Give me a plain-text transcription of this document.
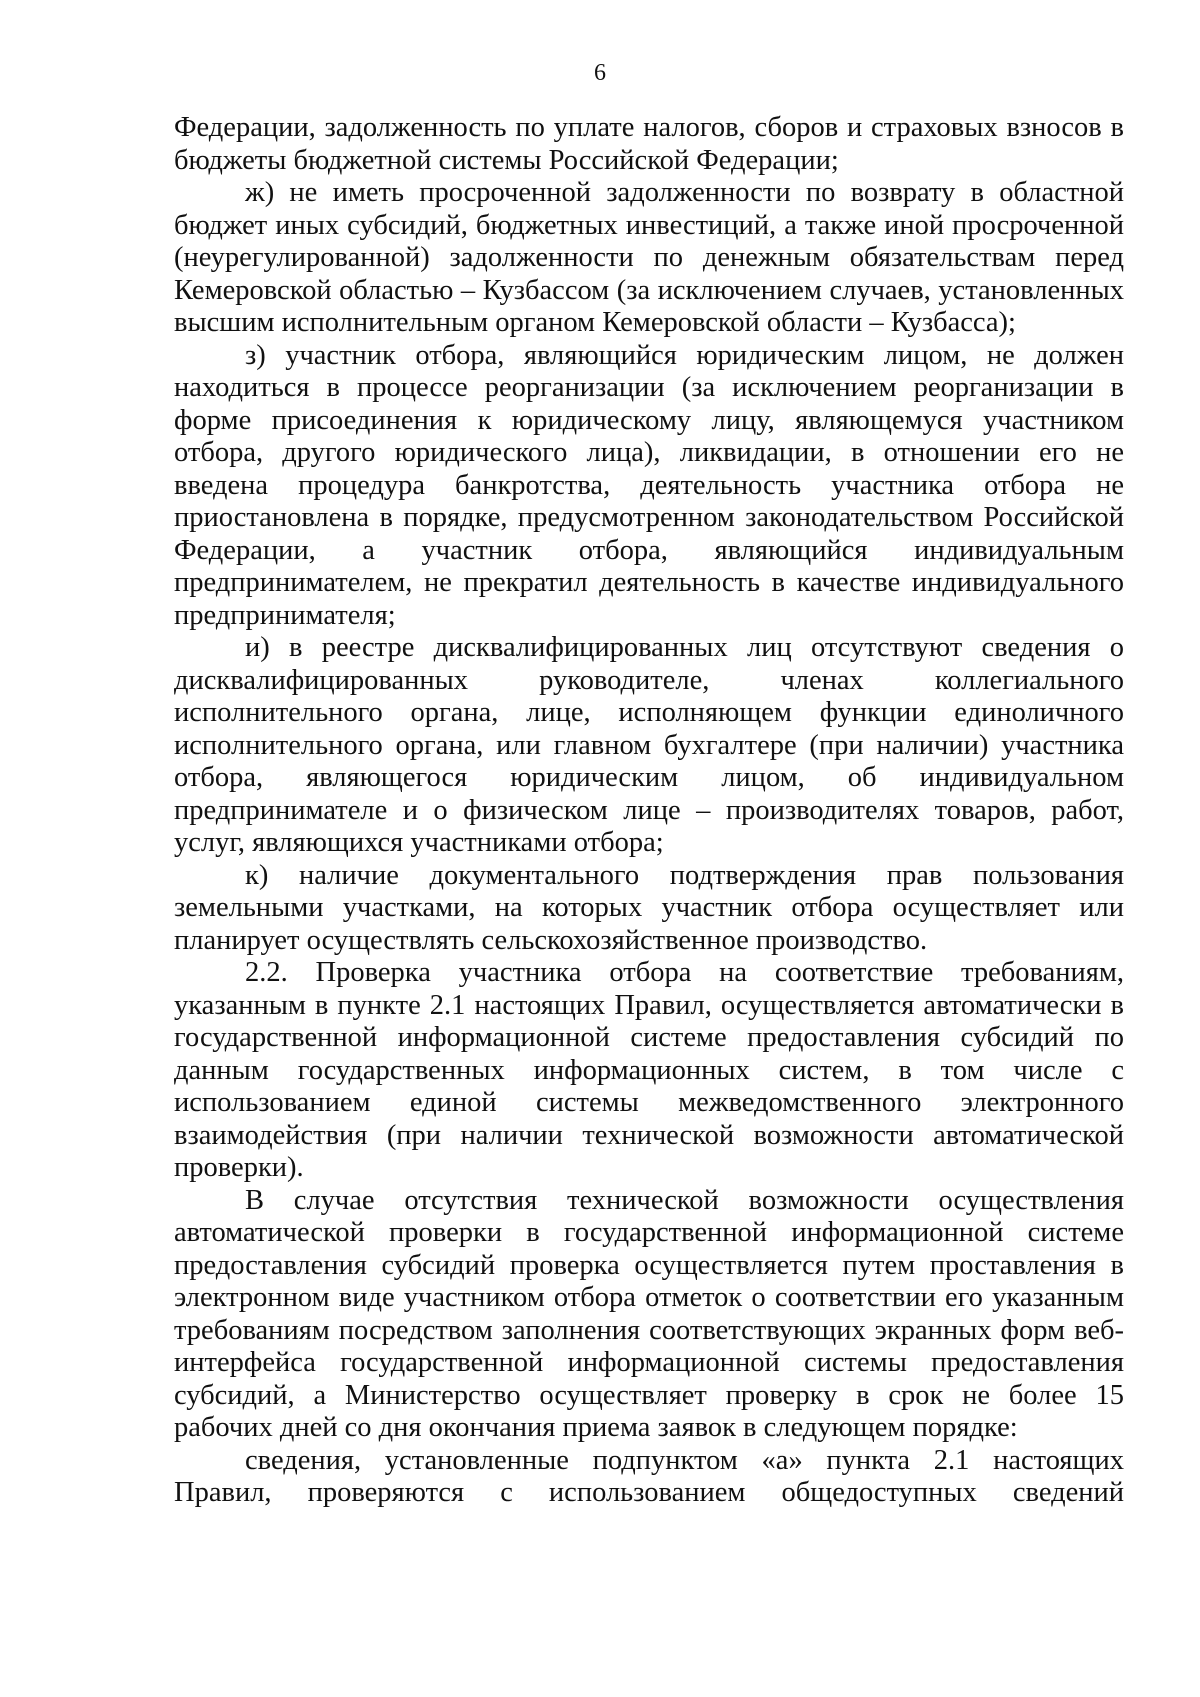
6

Федерации, задолженность по уплате налогов, сборов и страховых взносов в бюджеты бюджетной системы Российской Федерации;

ж) не иметь просроченной задолженности по возврату в областной бюджет иных субсидий, бюджетных инвестиций, а также иной просроченной (неурегулированной) задолженности по денежным обязательствам перед Кемеровской областью – Кузбассом (за исключением случаев, установленных высшим исполнительным органом Кемеровской области – Кузбасса);

з) участник отбора, являющийся юридическим лицом, не должен находиться в процессе реорганизации (за исключением реорганизации в форме присоединения к юридическому лицу, являющемуся участником отбора, другого юридического лица), ликвидации, в отношении его не введена процедура банкротства, деятельность участника отбора не приостановлена в порядке, предусмотренном законодательством Российской Федерации, а участник отбора, являющийся индивидуальным предпринимателем, не прекратил деятельность в качестве индивидуального предпринимателя;

и) в реестре дисквалифицированных лиц отсутствуют сведения о дисквалифицированных руководителе, членах коллегиального исполнительного органа, лице, исполняющем функции единоличного исполнительного органа, или главном бухгалтере (при наличии) участника отбора, являющегося юридическим лицом, об индивидуальном предпринимателе и о физическом лице – производителях товаров, работ, услуг, являющихся участниками отбора;

к) наличие документального подтверждения прав пользования земельными участками, на которых участник отбора осуществляет или планирует осуществлять сельскохозяйственное производство.

2.2. Проверка участника отбора на соответствие требованиям, указанным в пункте 2.1 настоящих Правил, осуществляется автоматически в государственной информационной системе предоставления субсидий по данным государственных информационных систем, в том числе с использованием единой системы межведомственного электронного взаимодействия (при наличии технической возможности автоматической проверки).

В случае отсутствия технической возможности осуществления автоматической проверки в государственной информационной системе предоставления субсидий проверка осуществляется путем проставления в электронном виде участником отбора отметок о соответствии его указанным требованиям посредством заполнения соответствующих экранных форм веб-интерфейса государственной информационной системы предоставления субсидий, а Министерство осуществляет проверку в срок не более 15 рабочих дней со дня окончания приема заявок в следующем порядке:

сведения, установленные подпунктом «а» пункта 2.1 настоящих Правил, проверяются с использованием общедоступных сведений
